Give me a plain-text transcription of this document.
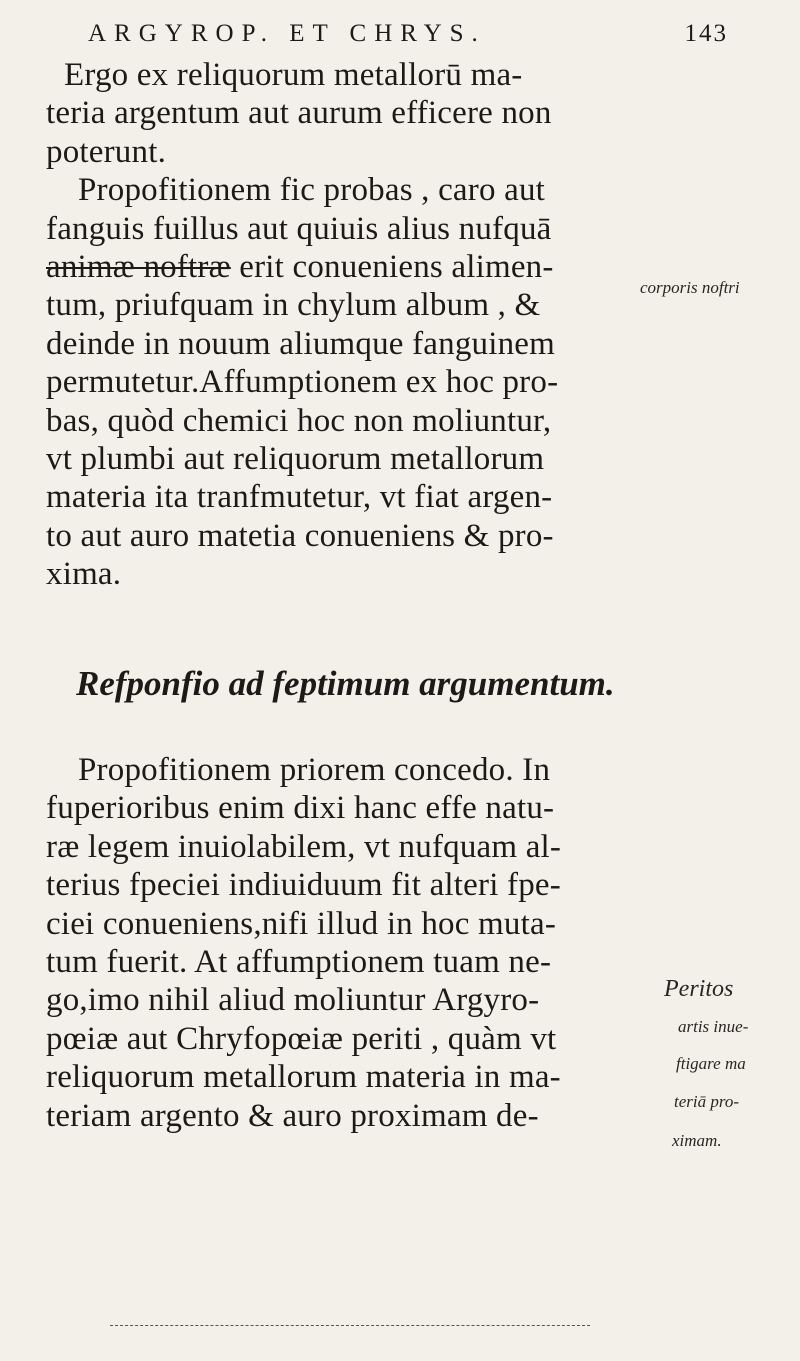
ARGYROP. ET CHRYS.	143
Ergo ex reliquorum metallorū ma-
teria argentum aut aurum efficere non
poterunt.
Propofitionem fic probas , caro aut
fanguis fuillus aut quiuis alius nufquā
animæ noftræ erit conueniens alimen-
tum, priufquam in chylum album , &
deinde in nouum aliumque fanguinem
permutetur.Affumptionem ex hoc pro-
bas, quòd chemici hoc non moliuntur,
vt plumbi aut reliquorum metallorum
materia ita tranfmutetur, vt fiat argen-
to aut auro matetia conueniens & pro-
xima.
Refponfio ad feptimum argumentum.
Propofitionem priorem concedo. In
fuperioribus enim dixi hanc effe natu-
ræ legem inuiolabilem, vt nufquam al-
terius fpeciei indiuiduum fit alteri fpe-
ciei conueniens,nifi illud in hoc muta-
tum fuerit. At affumptionem tuam ne-
go,imo nihil aliud moliuntur Argyro-
pœiæ aut Chryfopœiæ periti , quàm vt
reliquorum metallorum materia in ma-
teriam argento & auro proximam de-
corporis noftri
Peritos
artis inue-
ftigare ma
teriā pro-
ximam.
